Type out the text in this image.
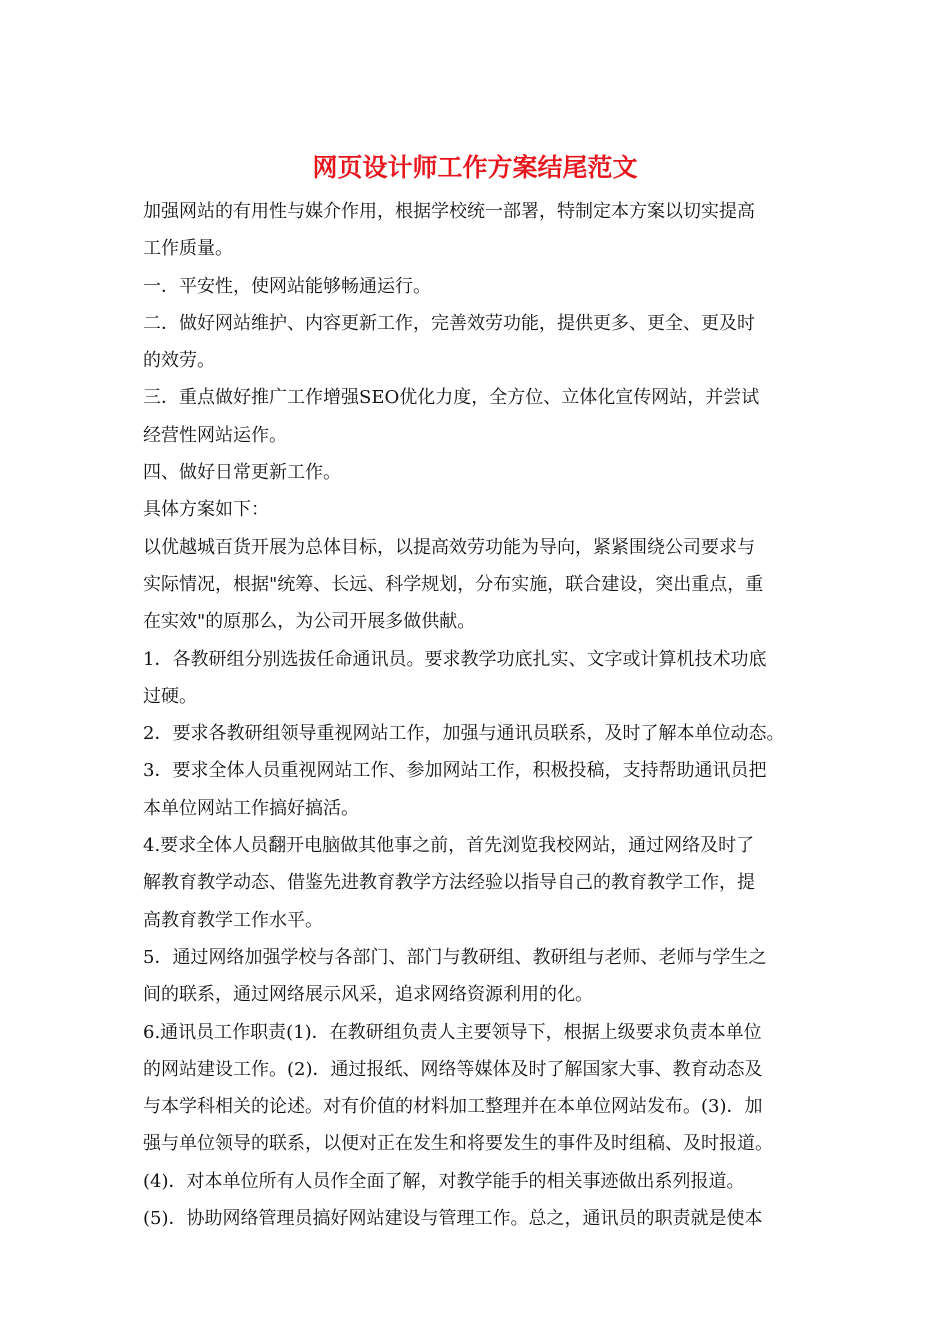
网页设计师工作方案结尾范文
加强网站的有用性与媒介作用，根据学校统一部署，特制定本方案以切实提高
工作质量。
一．平安性，使网站能够畅通运行。
二．做好网站维护、内容更新工作，完善效劳功能，提供更多、更全、更及时
的效劳。
三．重点做好推广工作增强SEO优化力度，全方位、立体化宣传网站，并尝试
经营性网站运作。
四、做好日常更新工作。
具体方案如下：
以优越城百货开展为总体目标，以提高效劳功能为导向，紧紧围绕公司要求与
实际情况，根据"统筹、长远、科学规划，分布实施，联合建设，突出重点，重
在实效"的原那么，为公司开展多做供献。
1．各教研组分别选拔任命通讯员。要求教学功底扎实、文字或计算机技术功底
过硬。
2．要求各教研组领导重视网站工作，加强与通讯员联系，及时了解本单位动态。
3．要求全体人员重视网站工作、参加网站工作，积极投稿，支持帮助通讯员把
本单位网站工作搞好搞活。
4.要求全体人员翻开电脑做其他事之前，首先浏览我校网站，通过网络及时了
解教育教学动态、借鉴先进教育教学方法经验以指导自己的教育教学工作，提
高教育教学工作水平。
5．通过网络加强学校与各部门、部门与教研组、教研组与老师、老师与学生之
间的联系，通过网络展示风采，追求网络资源利用的化。
6.通讯员工作职责(1)．在教研组负责人主要领导下，根据上级要求负责本单位
的网站建设工作。(2)．通过报纸、网络等媒体及时了解国家大事、教育动态及
与本学科相关的论述。对有价值的材料加工整理并在本单位网站发布。(3)．加
强与单位领导的联系，以便对正在发生和将要发生的事件及时组稿、及时报道。
(4)．对本单位所有人员作全面了解，对教学能手的相关事迹做出系列报道。
(5)．协助网络管理员搞好网站建设与管理工作。总之，通讯员的职责就是使本
